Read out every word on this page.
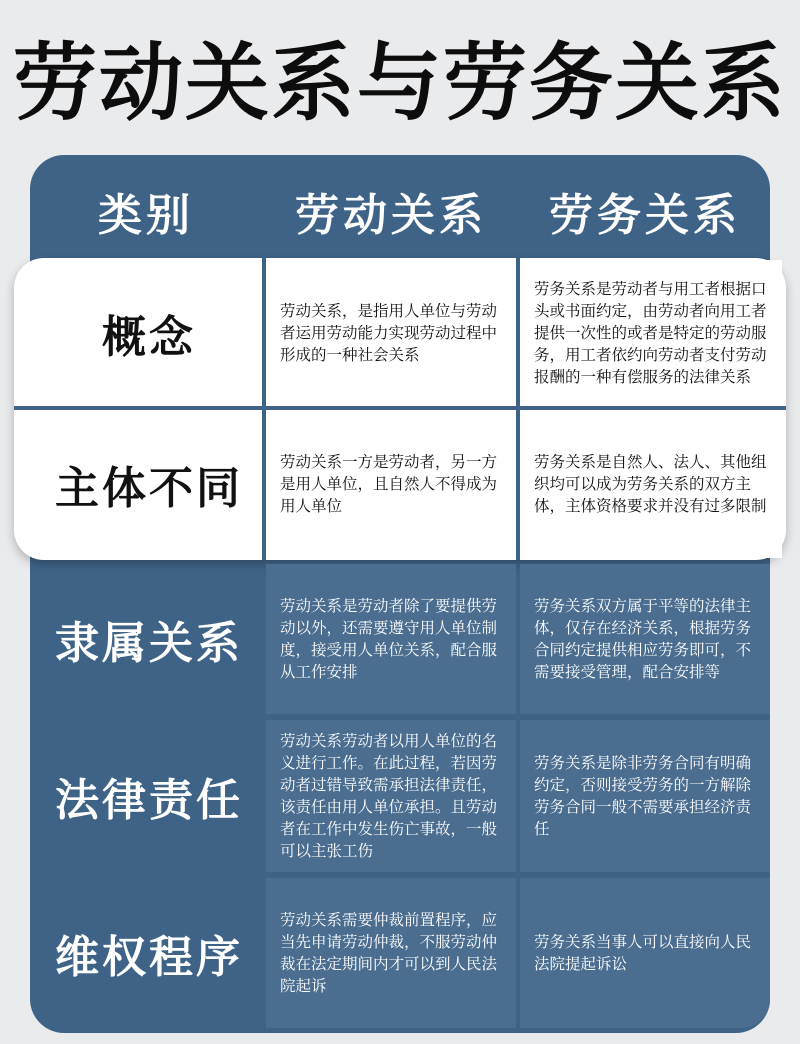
劳动关系与劳务关系
类别	劳动关系	劳务关系
概念
劳动关系，是指用人单位与劳动者运用劳动能力实现劳动过程中形成的一种社会关系
劳务关系是劳动者与用工者根据口头或书面约定，由劳动者向用工者提供一次性的或者是特定的劳动服务，用工者依约向劳动者支付劳动报酬的一种有偿服务的法律关系
主体不同
劳动关系一方是劳动者，另一方是用人单位，且自然人不得成为用人单位
劳务关系是自然人、法人、其他组织均可以成为劳务关系的双方主体，主体资格要求并没有过多限制
隶属关系
劳动关系是劳动者除了要提供劳动以外，还需要遵守用人单位制度，接受用人单位关系，配合服从工作安排
劳务关系双方属于平等的法律主体，仅存在经济关系，根据劳务合同约定提供相应劳务即可，不需要接受管理，配合安排等
法律责任
劳动关系劳动者以用人单位的名义进行工作。在此过程，若因劳动者过错导致需承担法律责任，该责任由用人单位承担。且劳动者在工作中发生伤亡事故，一般可以主张工伤
劳务关系是除非劳务合同有明确约定，否则接受劳务的一方解除劳务合同一般不需要承担经济责任
维权程序
劳动关系需要仲裁前置程序，应当先申请劳动仲裁，不服劳动仲裁在法定期间内才可以到人民法院起诉
劳务关系当事人可以直接向人民法院提起诉讼
